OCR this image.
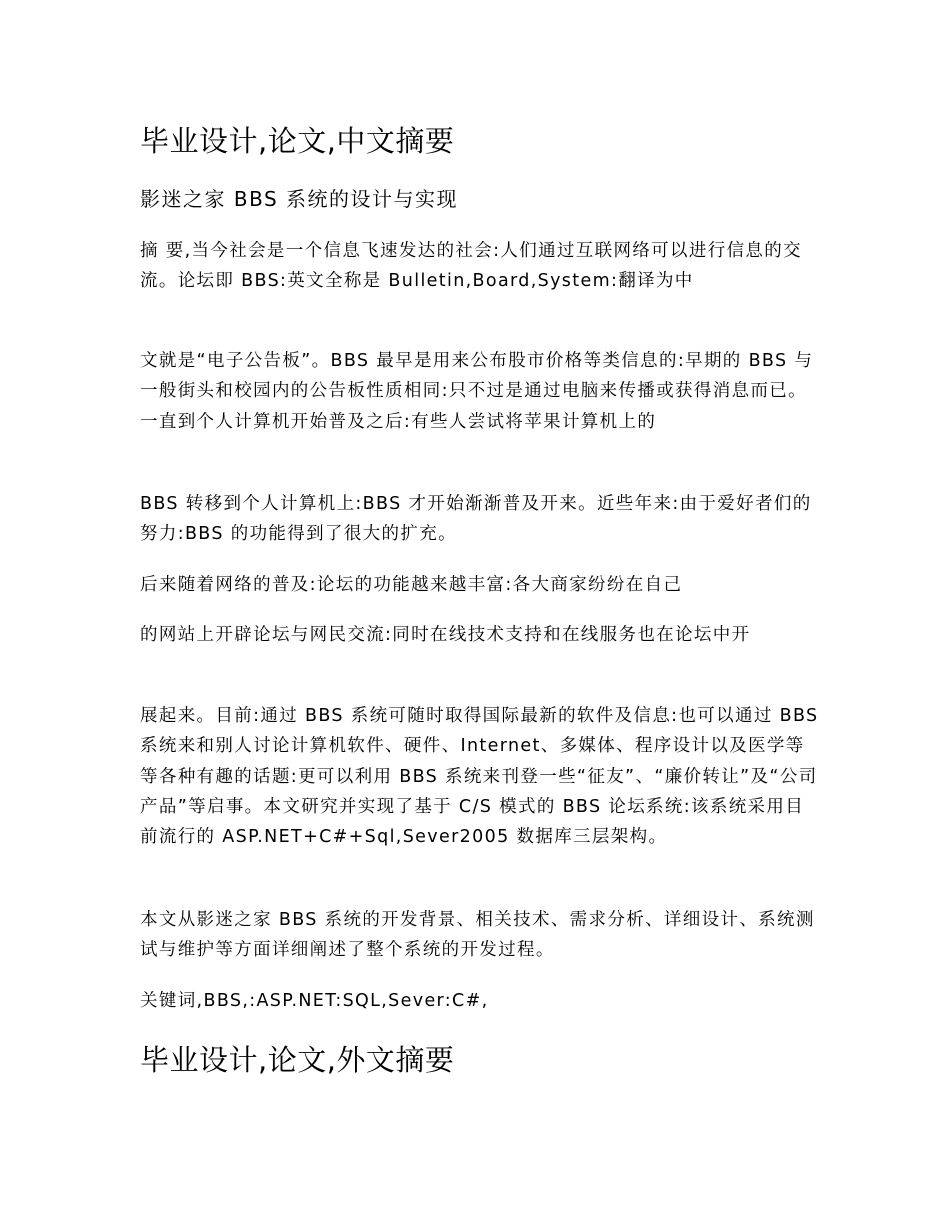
毕业设计,论文,中文摘要
影迷之家 BBS 系统的设计与实现

摘 要,当今社会是一个信息飞速发达的社会:人们通过互联网络可以进行信息的交流。论坛即 BBS:英文全称是 Bulletin,Board,System:翻译为中

文就是“电子公告板”。BBS 最早是用来公布股市价格等类信息的:早期的 BBS 与一般街头和校园内的公告板性质相同:只不过是通过电脑来传播或获得消息而已。一直到个人计算机开始普及之后:有些人尝试将苹果计算机上的

BBS 转移到个人计算机上:BBS 才开始渐渐普及开来。近些年来:由于爱好者们的努力:BBS 的功能得到了很大的扩充。

后来随着网络的普及:论坛的功能越来越丰富:各大商家纷纷在自己

的网站上开辟论坛与网民交流:同时在线技术支持和在线服务也在论坛中开

展起来。目前:通过 BBS 系统可随时取得国际最新的软件及信息:也可以通过 BBS 系统来和别人讨论计算机软件、硬件、Internet、多媒体、程序设计以及医学等等各种有趣的话题:更可以利用 BBS 系统来刊登一些“征友”、“廉价转让”及“公司产品”等启事。本文研究并实现了基于 C/S 模式的 BBS 论坛系统:该系统采用目前流行的 ASP.NET+C#+Sql,Sever2005 数据库三层架构。

本文从影迷之家 BBS 系统的开发背景、相关技术、需求分析、详细设计、系统测试与维护等方面详细阐述了整个系统的开发过程。

关键词,BBS,:ASP.NET:SQL,Sever:C#,

毕业设计,论文,外文摘要
